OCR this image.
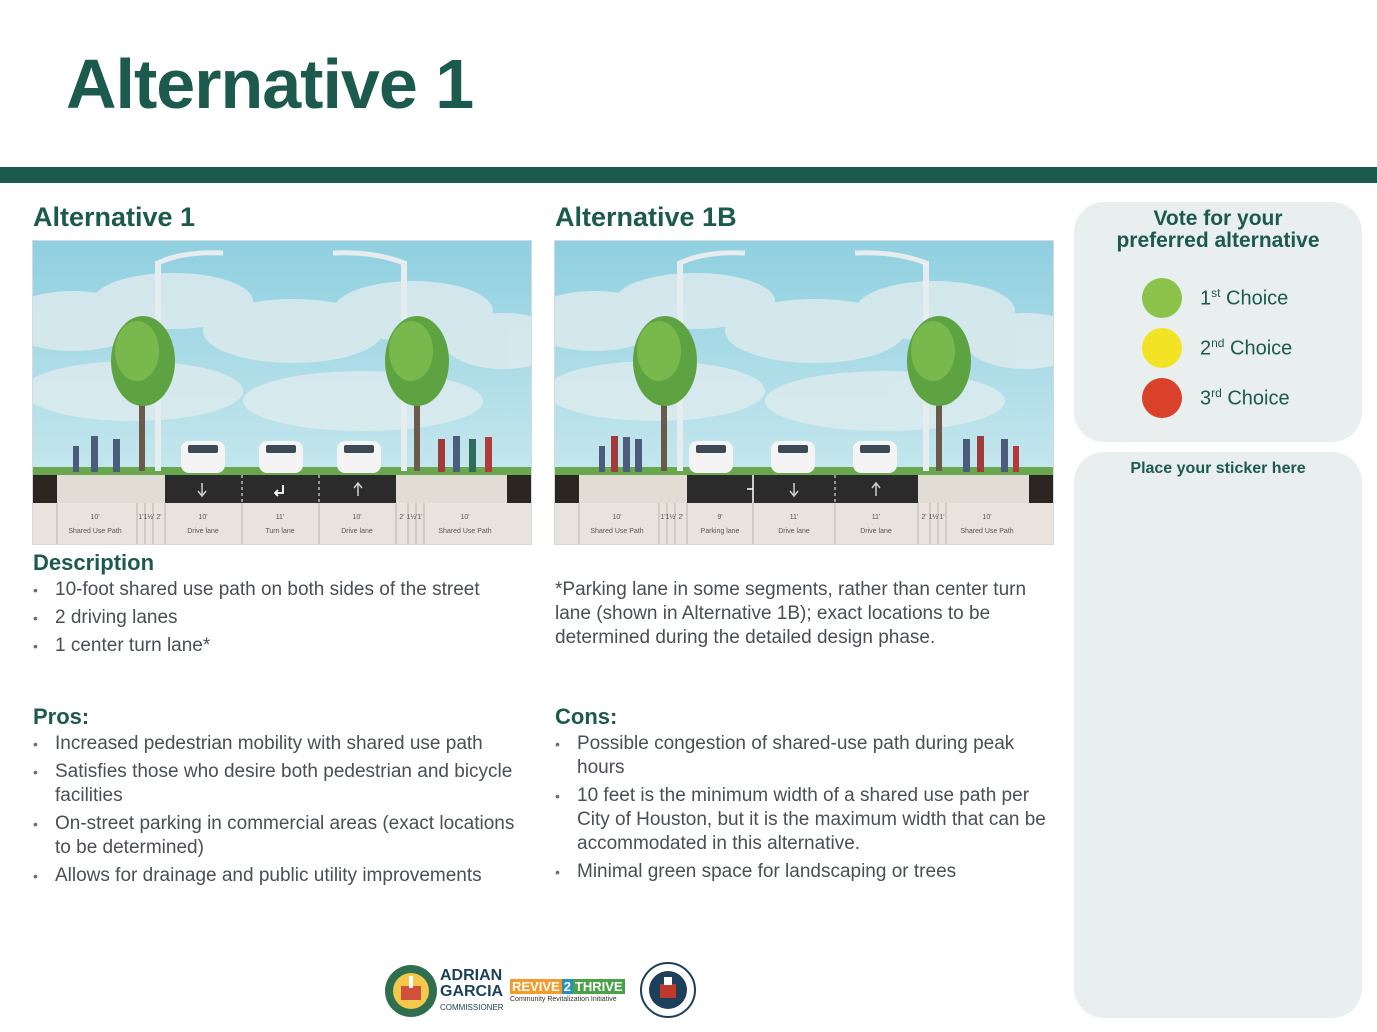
Alternative 1
Alternative 1	Alternative 1B
10'	1' 1½' 2'	10'	11'	10'	2' 1½' 1'	10'
Shared Use Path	Drive lane	Turn lane	Drive lane	Shared Use Path
10'	1' 1½' 2'	9'	11'	11'	2' 1½' 1'	10'
Shared Use Path	Parking lane	Drive lane	Drive lane	Shared Use Path
Description
• 10-foot shared use path on both sides of the street
• 2 driving lanes
• 1 center turn lane*

*Parking lane in some segments, rather than center turn lane (shown in Alternative 1B); exact locations to be determined during the detailed design phase.

Pros:
• Increased pedestrian mobility with shared use path
• Satisfies those who desire both pedestrian and bicycle facilities
• On-street parking in commercial areas (exact locations to be determined)
• Allows for drainage and public utility improvements
Cons:
• Possible congestion of shared-use path during peak hours
• 10 feet is the minimum width of a shared use path per City of Houston, but it is the maximum width that can be accommodated in this alternative.
• Minimal green space for landscaping or trees
Vote for your
preferred alternative
1st Choice
2nd Choice
3rd Choice
Place your sticker here
ADRIAN
GARCIA
COMMISSIONER
REVIVE 2 THRIVE
Community Revitalization Initiative
